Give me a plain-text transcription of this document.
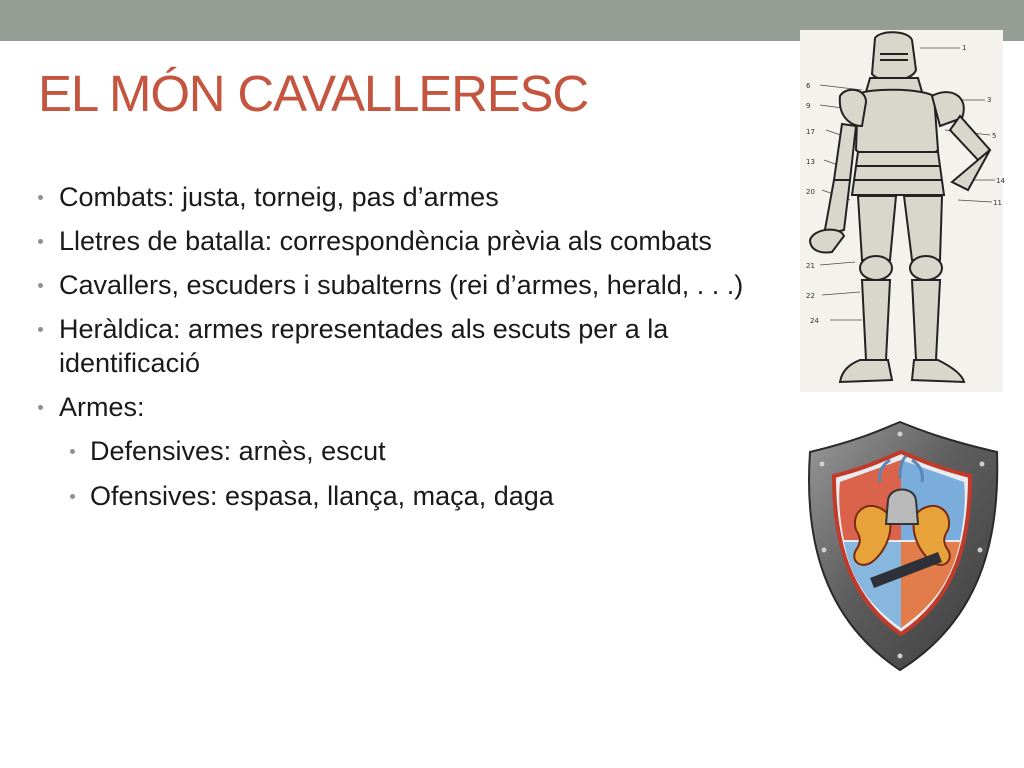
EL MÓN CAVALLERESC
Combats: justa, torneig, pas d’armes
Lletres de batalla: correspondència prèvia als combats
Cavallers, escuders i subalterns (rei d’armes, herald, . . .)
Heràldica: armes representades als escuts per a la identificació
Armes:
Defensives: arnès, escut
Ofensives: espasa, llança, maça, daga
1
6
9
17
13
20
3
5
14
11
21
22
24
